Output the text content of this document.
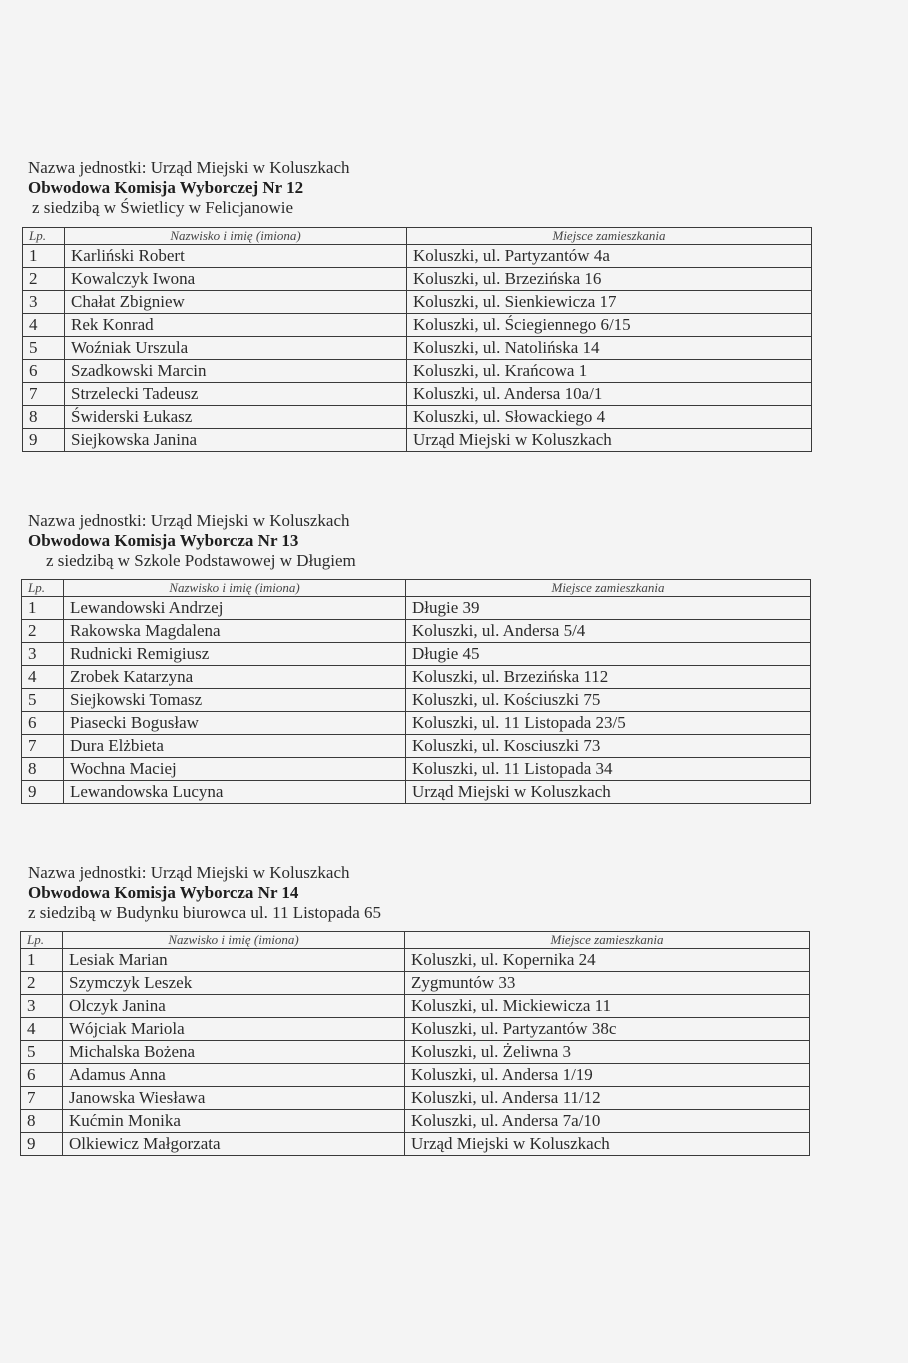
Nazwa jednostki: Urząd Miejski w Koluszkach
Obwodowa Komisja Wyborczej Nr 12
z siedzibą w Świetlicy w Felicjanowie
Lp.	Nazwisko i imię (imiona)	Miejsce zamieszkania
1	Karliński Robert	Koluszki, ul. Partyzantów 4a
2	Kowalczyk Iwona	Koluszki, ul. Brzezińska 16
3	Chałat Zbigniew	Koluszki, ul. Sienkiewicza 17
4	Rek Konrad	Koluszki, ul. Ściegiennego 6/15
5	Woźniak Urszula	Koluszki, ul. Natolińska 14
6	Szadkowski Marcin	Koluszki, ul. Krańcowa 1
7	Strzelecki Tadeusz	Koluszki, ul. Andersa 10a/1
8	Świderski Łukasz	Koluszki, ul. Słowackiego 4
9	Siejkowska Janina	Urząd Miejski w Koluszkach
Nazwa jednostki: Urząd Miejski w Koluszkach
Obwodowa Komisja Wyborcza Nr 13
z siedzibą w Szkole Podstawowej w Długiem
Lp.	Nazwisko i imię (imiona)	Miejsce zamieszkania
1	Lewandowski Andrzej	Długie 39
2	Rakowska Magdalena	Koluszki, ul. Andersa 5/4
3	Rudnicki Remigiusz	Długie 45
4	Zrobek Katarzyna	Koluszki, ul. Brzezińska 112
5	Siejkowski Tomasz	Koluszki, ul. Kościuszki 75
6	Piasecki Bogusław	Koluszki, ul. 11 Listopada 23/5
7	Dura Elżbieta	Koluszki, ul. Kosciuszki 73
8	Wochna Maciej	Koluszki, ul. 11 Listopada 34
9	Lewandowska Lucyna	Urząd Miejski w Koluszkach
Nazwa jednostki: Urząd Miejski w Koluszkach
Obwodowa Komisja Wyborcza Nr 14
z siedzibą w Budynku biurowca ul. 11 Listopada 65
Lp.	Nazwisko i imię (imiona)	Miejsce zamieszkania
1	Lesiak Marian	Koluszki, ul. Kopernika 24
2	Szymczyk Leszek	Zygmuntów 33
3	Olczyk Janina	Koluszki, ul. Mickiewicza 11
4	Wójciak Mariola	Koluszki, ul. Partyzantów 38c
5	Michalska Bożena	Koluszki, ul. Żeliwna 3
6	Adamus Anna	Koluszki, ul. Andersa 1/19
7	Janowska Wiesława	Koluszki, ul. Andersa 11/12
8	Kućmin Monika	Koluszki, ul. Andersa 7a/10
9	Olkiewicz Małgorzata	Urząd Miejski w Koluszkach
